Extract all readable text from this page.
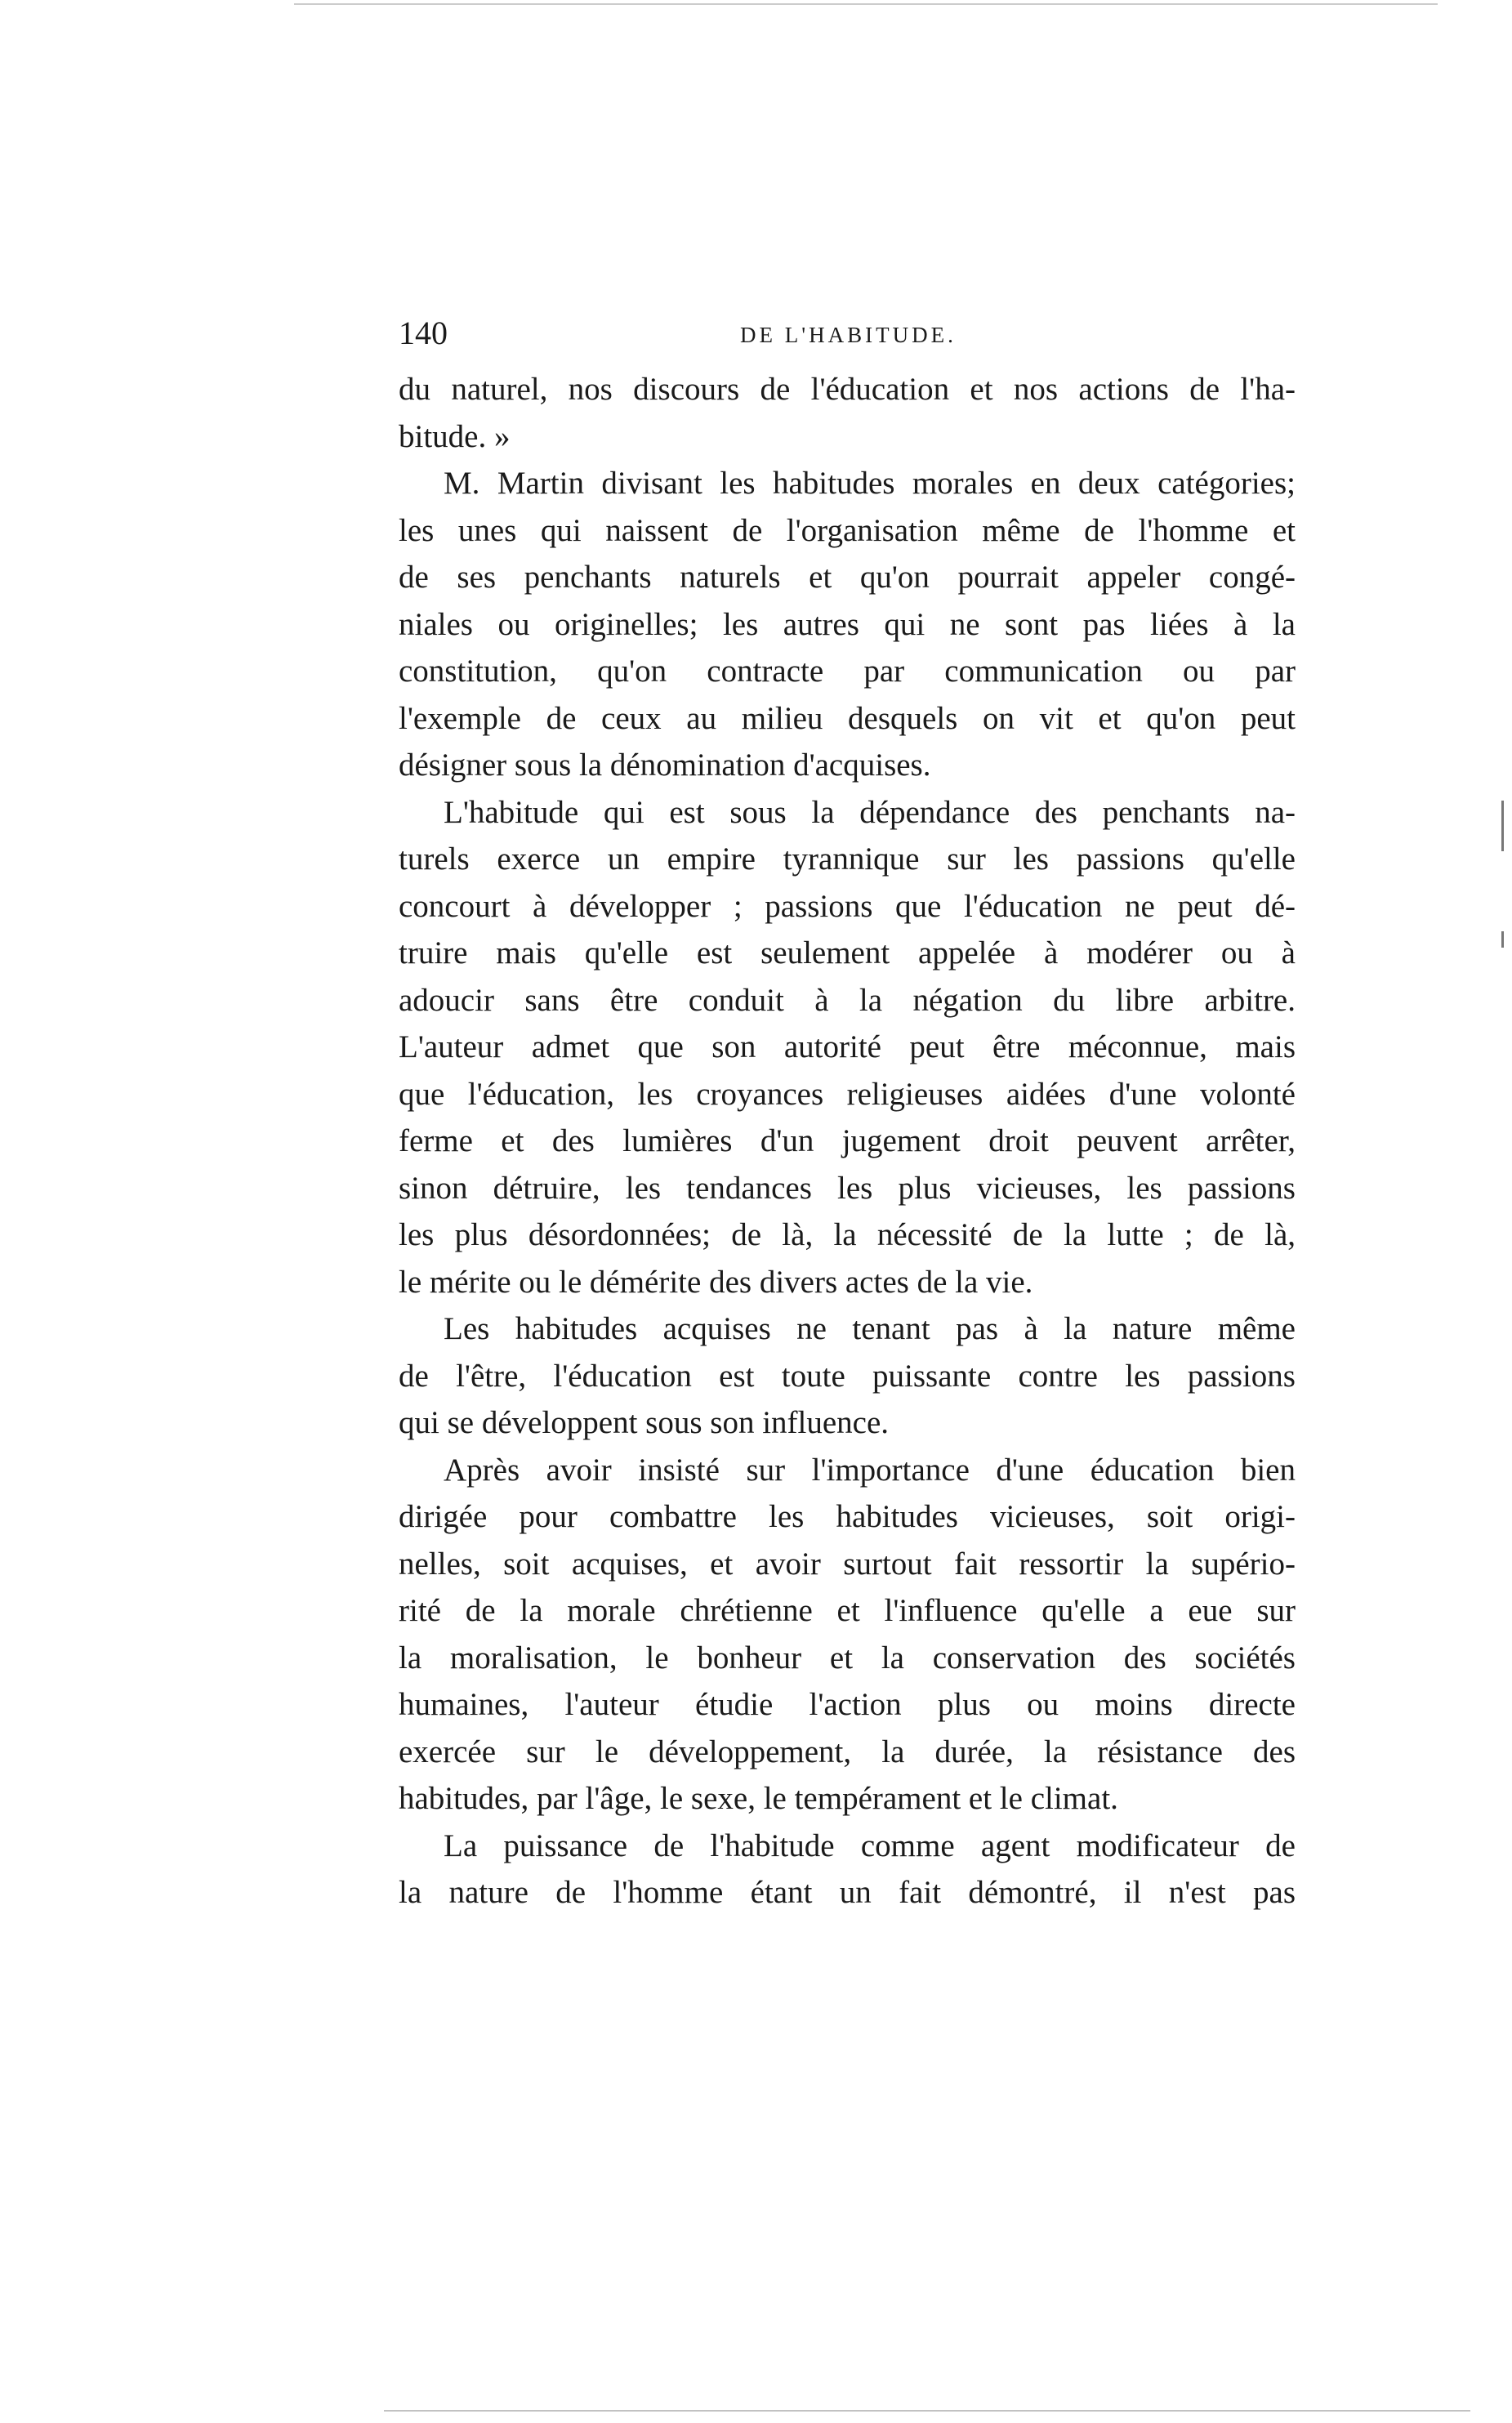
140	DE L'HABITUDE.
du naturel, nos discours de l'éducation et nos actions de l'ha-
bitude. »
M. Martin divisant les habitudes morales en deux catégories;
les unes qui naissent de l'organisation même de l'homme et
de ses penchants naturels et qu'on pourrait appeler congé-
niales ou originelles; les autres qui ne sont pas liées à la
constitution, qu'on contracte par communication ou par
l'exemple de ceux au milieu desquels on vit et qu'on peut
désigner sous la dénomination d'acquises.
L'habitude qui est sous la dépendance des penchants na-
turels exerce un empire tyrannique sur les passions qu'elle
concourt à développer ; passions que l'éducation ne peut dé-
truire mais qu'elle est seulement appelée à modérer ou à
adoucir sans être conduit à la négation du libre arbitre.
L'auteur admet que son autorité peut être méconnue, mais
que l'éducation, les croyances religieuses aidées d'une volonté
ferme et des lumières d'un jugement droit peuvent arrêter,
sinon détruire, les tendances les plus vicieuses, les passions
les plus désordonnées; de là, la nécessité de la lutte ; de là,
le mérite ou le démérite des divers actes de la vie.
Les habitudes acquises ne tenant pas à la nature même
de l'être, l'éducation est toute puissante contre les passions
qui se développent sous son influence.
Après avoir insisté sur l'importance d'une éducation bien
dirigée pour combattre les habitudes vicieuses, soit origi-
nelles, soit acquises, et avoir surtout fait ressortir la supério-
rité de la morale chrétienne et l'influence qu'elle a eue sur
la moralisation, le bonheur et la conservation des sociétés
humaines, l'auteur étudie l'action plus ou moins directe
exercée sur le développement, la durée, la résistance des
habitudes, par l'âge, le sexe, le tempérament et le climat.
La puissance de l'habitude comme agent modificateur de
la nature de l'homme étant un fait démontré, il n'est pas
